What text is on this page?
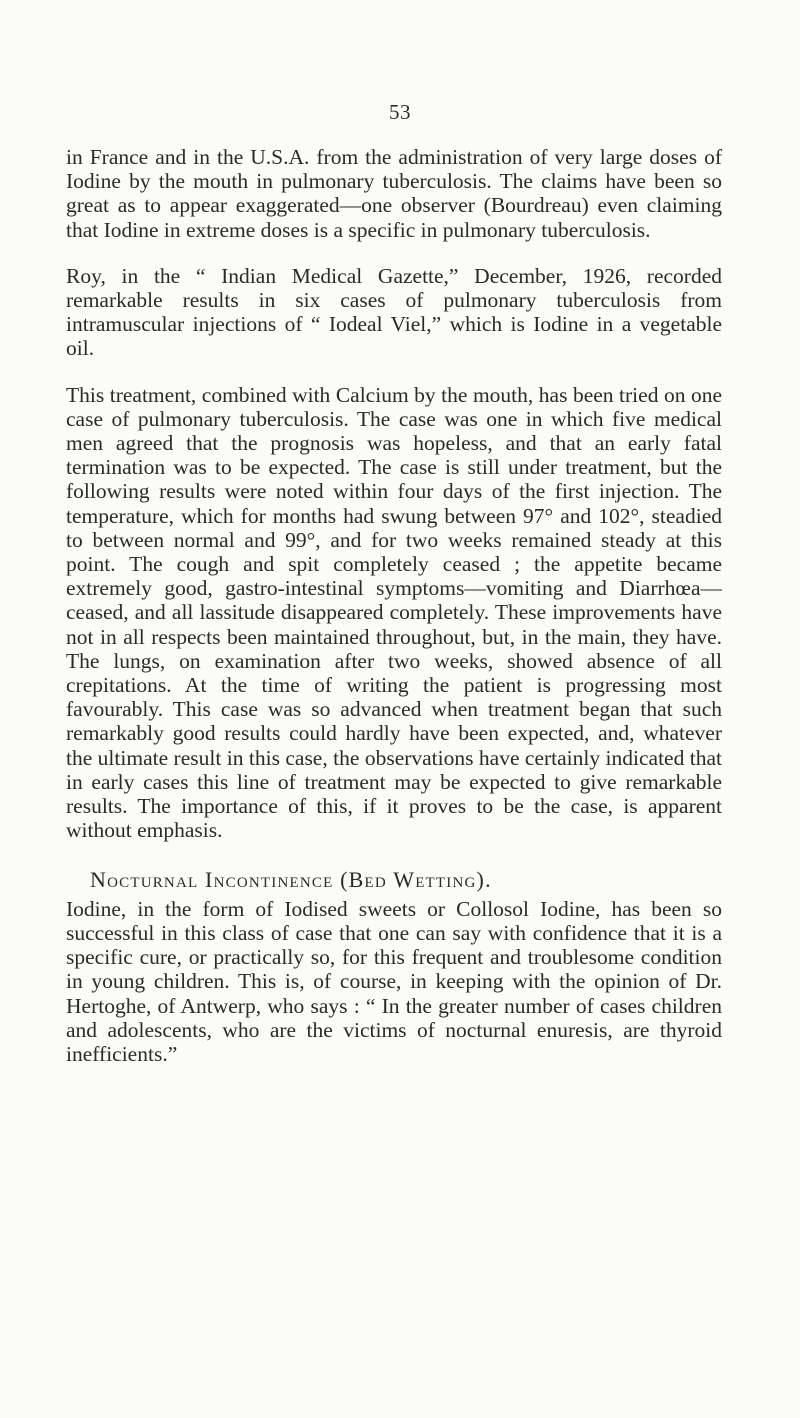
53

in France and in the U.S.A. from the administration of very large doses of Iodine by the mouth in pulmonary tuberculosis. The claims have been so great as to appear exaggerated—one observer (Bourdreau) even claiming that Iodine in extreme doses is a specific in pulmonary tuberculosis.

Roy, in the “ Indian Medical Gazette,” December, 1926, recorded remarkable results in six cases of pulmonary tuberculosis from intramuscular injections of “ Iodeal Viel,” which is Iodine in a vegetable oil.

This treatment, combined with Calcium by the mouth, has been tried on one case of pulmonary tuberculosis. The case was one in which five medical men agreed that the prognosis was hopeless, and that an early fatal termination was to be expected. The case is still under treatment, but the following results were noted within four days of the first injection. The temperature, which for months had swung between 97° and 102°, steadied to between normal and 99°, and for two weeks remained steady at this point. The cough and spit completely ceased ; the appetite became extremely good, gastro-intestinal symptoms—vomiting and Diarrhœa—ceased, and all lassitude disappeared completely. These improvements have not in all respects been maintained throughout, but, in the main, they have. The lungs, on examination after two weeks, showed absence of all crepitations. At the time of writing the patient is progressing most favourably. This case was so advanced when treatment began that such remarkably good results could hardly have been expected, and, whatever the ultimate result in this case, the observations have certainly indicated that in early cases this line of treatment may be expected to give remarkable results. The importance of this, if it proves to be the case, is apparent without emphasis.

Nocturnal Incontinence (Bed Wetting).

Iodine, in the form of Iodised sweets or Collosol Iodine, has been so successful in this class of case that one can say with confidence that it is a specific cure, or practically so, for this frequent and troublesome condition in young children. This is, of course, in keeping with the opinion of Dr. Hertoghe, of Antwerp, who says : “ In the greater number of cases children and adolescents, who are the victims of nocturnal enuresis, are thyroid inefficients.”
